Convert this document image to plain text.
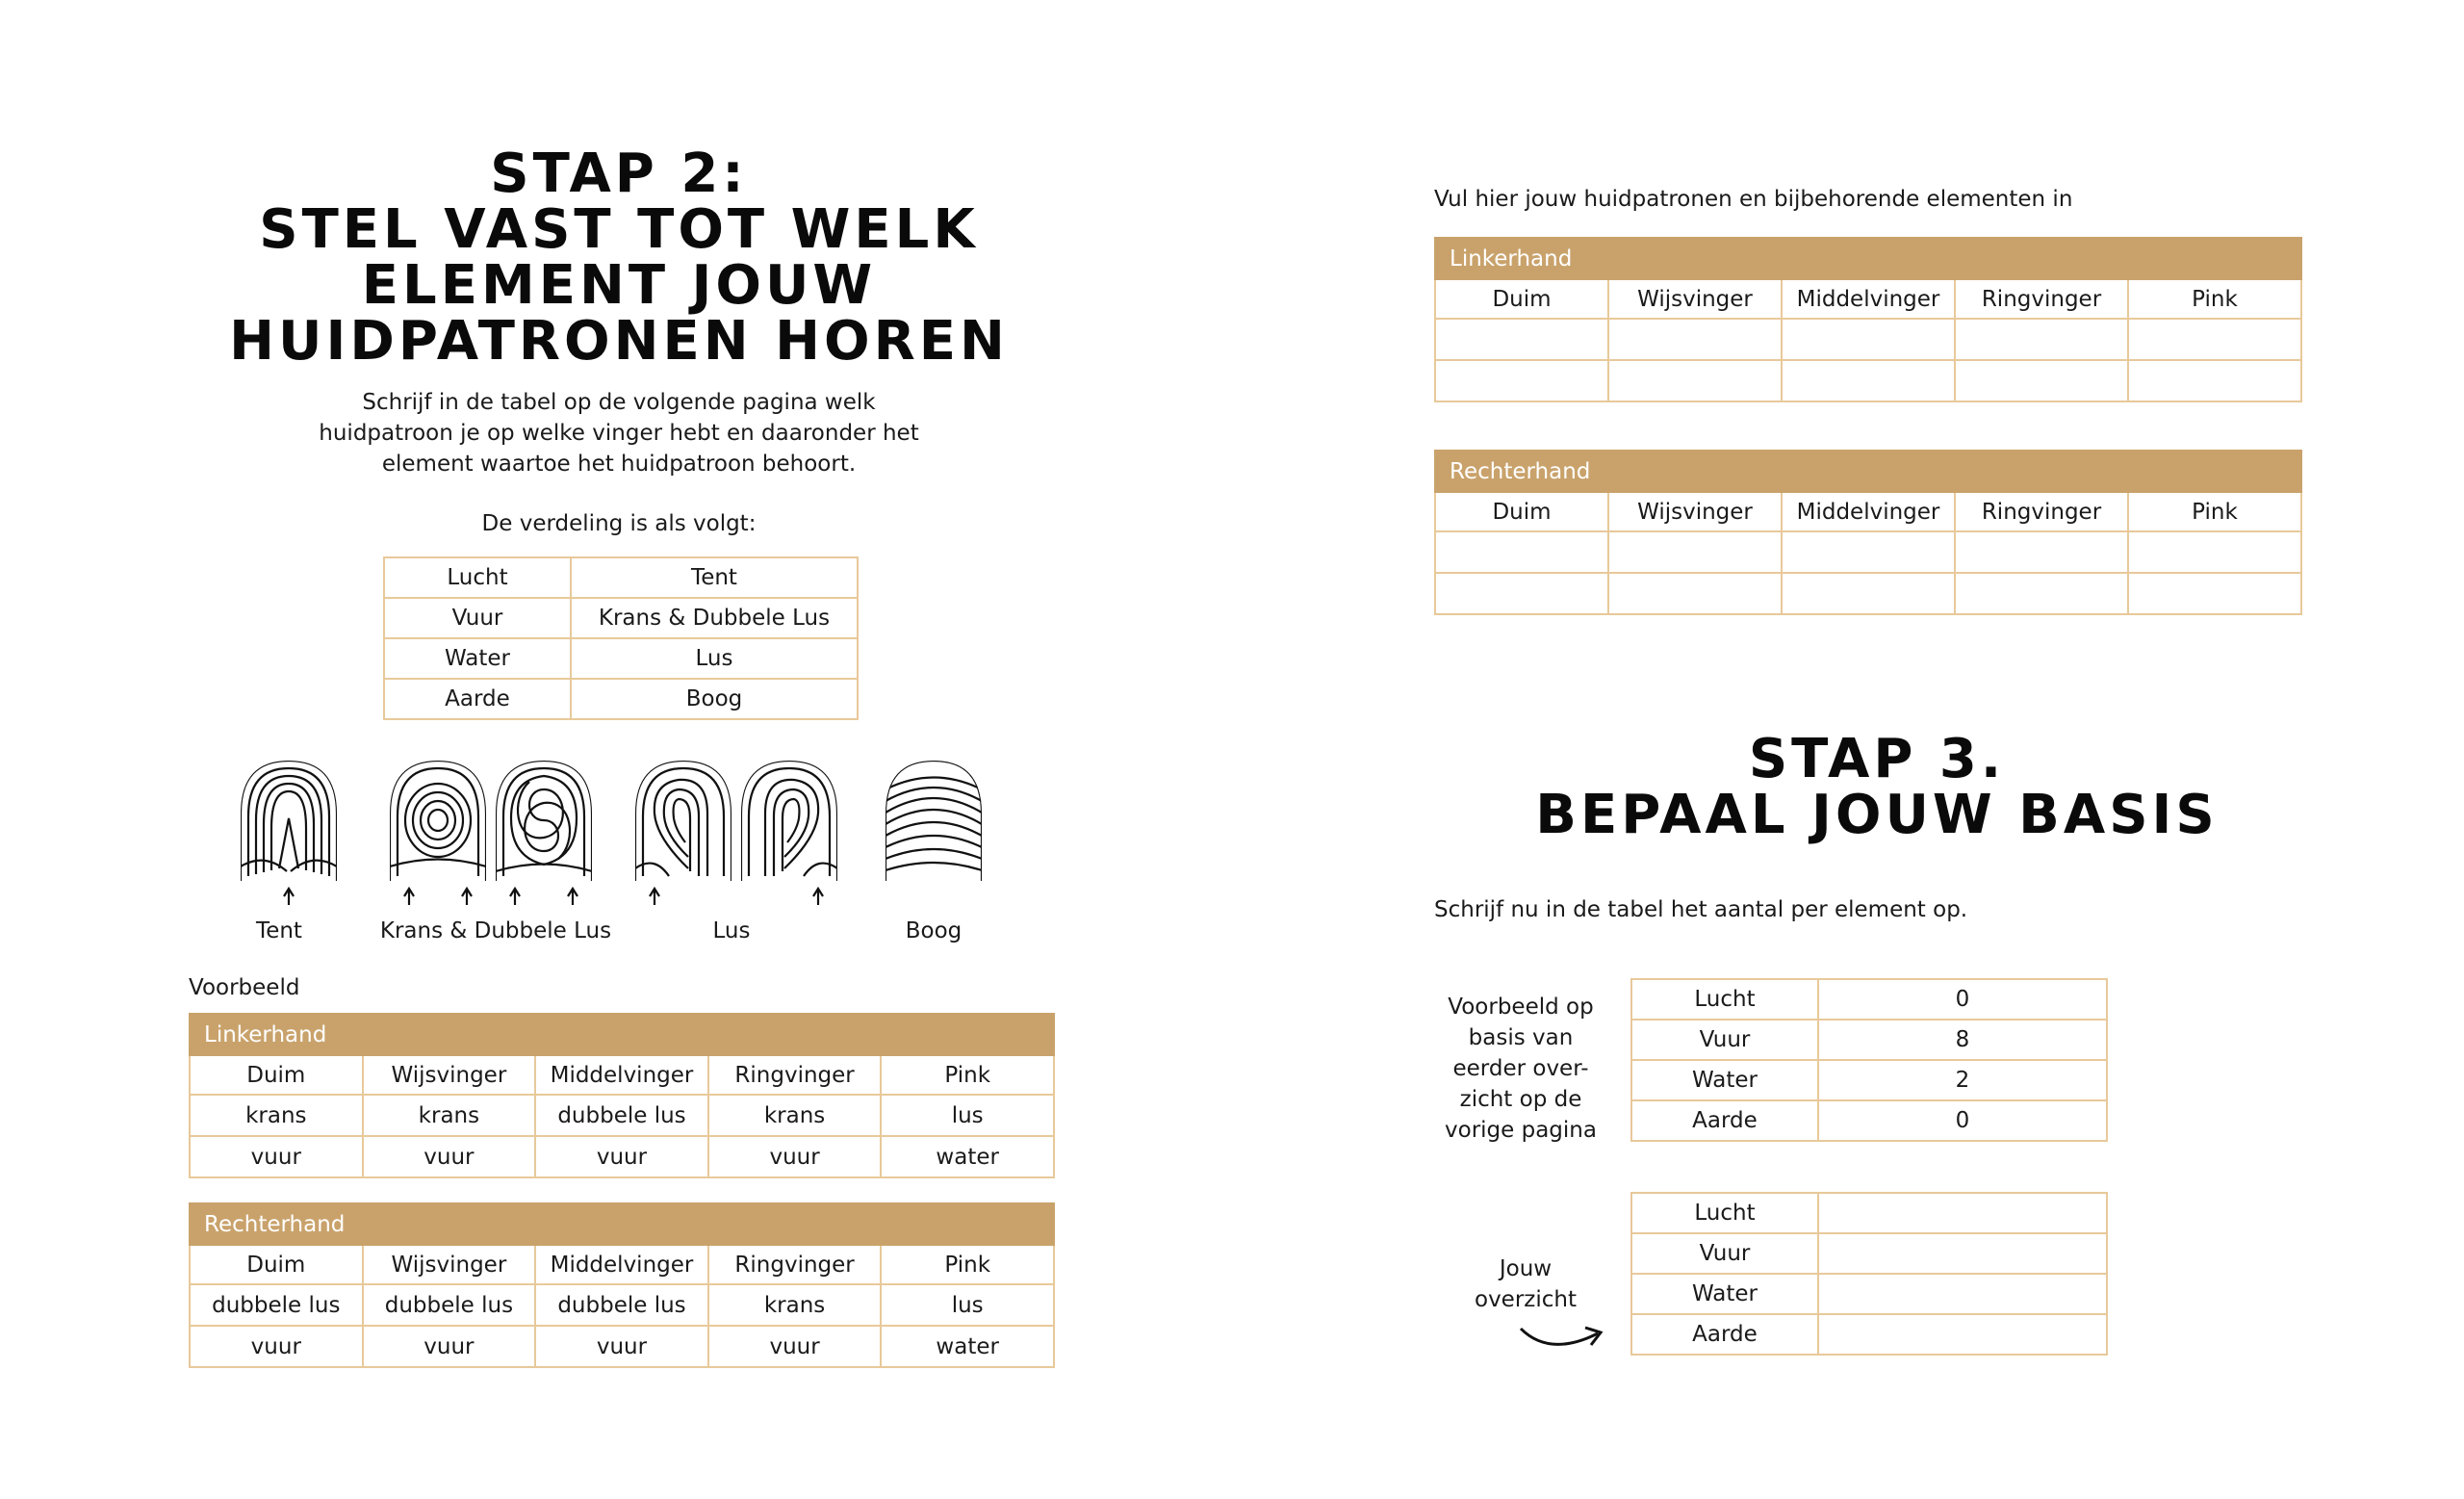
STAP 2:
STEL VAST TOT WELK
ELEMENT JOUW
HUIDPATRONEN HOREN
Schrijf in de tabel op de volgende pagina welk
huidpatroon je op welke vinger hebt en daaronder het
element waartoe het huidpatroon behoort.
De verdeling is als volgt:
Lucht	Tent
Vuur	Krans & Dubbele Lus
Water	Lus
Aarde	Boog
Tent	Krans & Dubbele Lus	Lus	Boog
Voorbeeld
Linkerhand				
Duim	Wijsvinger	Middelvinger	Ringvinger	Pink
krans	krans	dubbele lus	krans	lus
vuur	vuur	vuur	vuur	water
Rechterhand				
Duim	Wijsvinger	Middelvinger	Ringvinger	Pink
dubbele lus	dubbele lus	dubbele lus	krans	lus
vuur	vuur	vuur	vuur	water
Vul hier jouw huidpatronen en bijbehorende elementen in
Linkerhand				
Duim	Wijsvinger	Middelvinger	Ringvinger	Pink

Rechterhand				
Duim	Wijsvinger	Middelvinger	Ringvinger	Pink

STAP 3.
BEPAAL JOUW BASIS
Schrijf nu in de tabel het aantal per element op.
Voorbeeld op
basis van
eerder over-
zicht op de
vorige pagina
Lucht	0
Vuur	8
Water	2
Aarde	0
Jouw
overzicht
Lucht	
Vuur	
Water	
Aarde	
